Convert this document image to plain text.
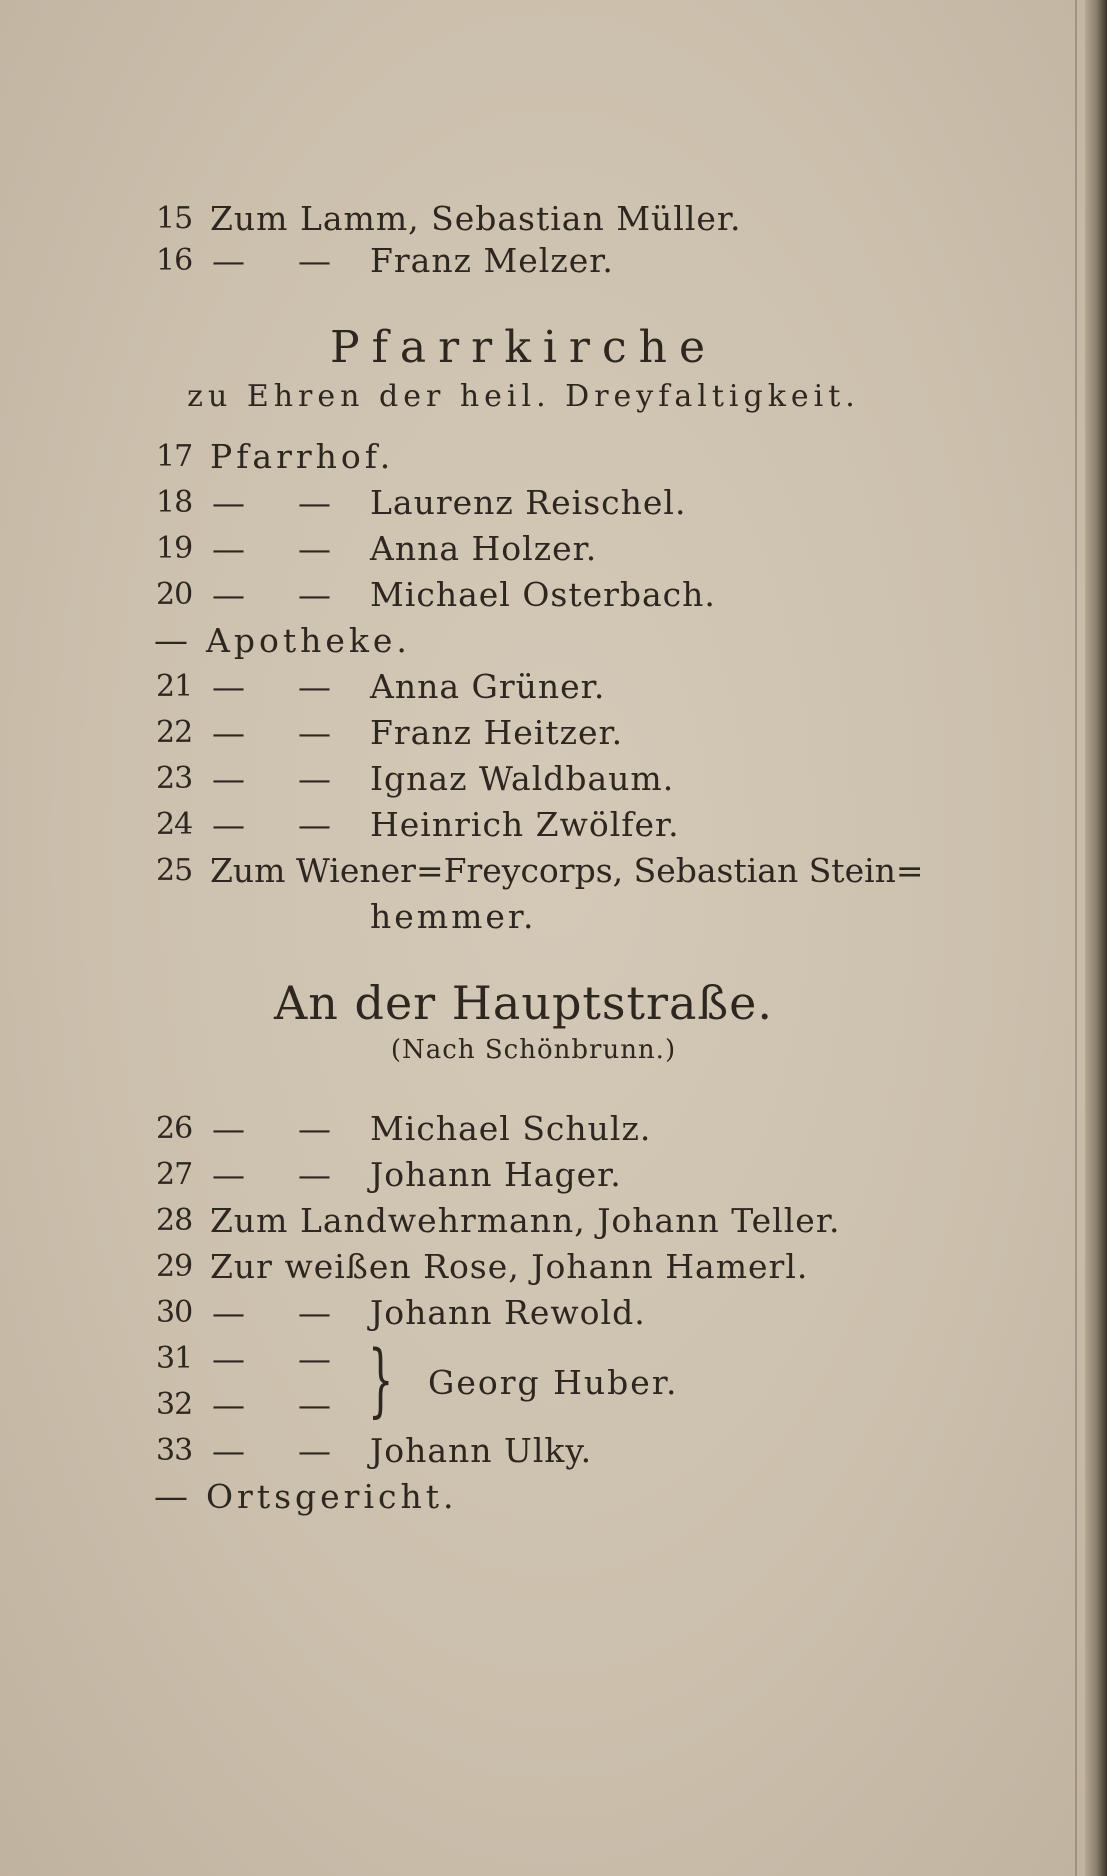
15 Zum Lamm, Sebastian Müller.
16 —	—	Franz Melzer.
Pfarrkirche
zu Ehren der heil. Dreyfaltigkeit.
17 Pfarrhof.
18 —	—	Laurenz Reischel.
19 —	—	Anna Holzer.
20 —	—	Michael Osterbach.
— Apotheke.
21 —	—	Anna Grüner.
22 —	—	Franz Heitzer.
23 —	—	Ignaz Waldbaum.
24 —	—	Heinrich Zwölfer.
25 Zum Wiener=Freycorps, Sebastian Stein=
hemmer.
An der Hauptstraße.
(Nach Schönbrunn.)
26 —	—	Michael Schulz.
27 —	—	Johann Hager.
28 Zum Landwehrmann, Johann Teller.
29 Zur weißen Rose, Johann Hamerl.
30 —	—	Johann Rewold.
31 —	—
32 —	— } Georg Huber.
33 —	—	Johann Ulky.
— Ortsgericht.
